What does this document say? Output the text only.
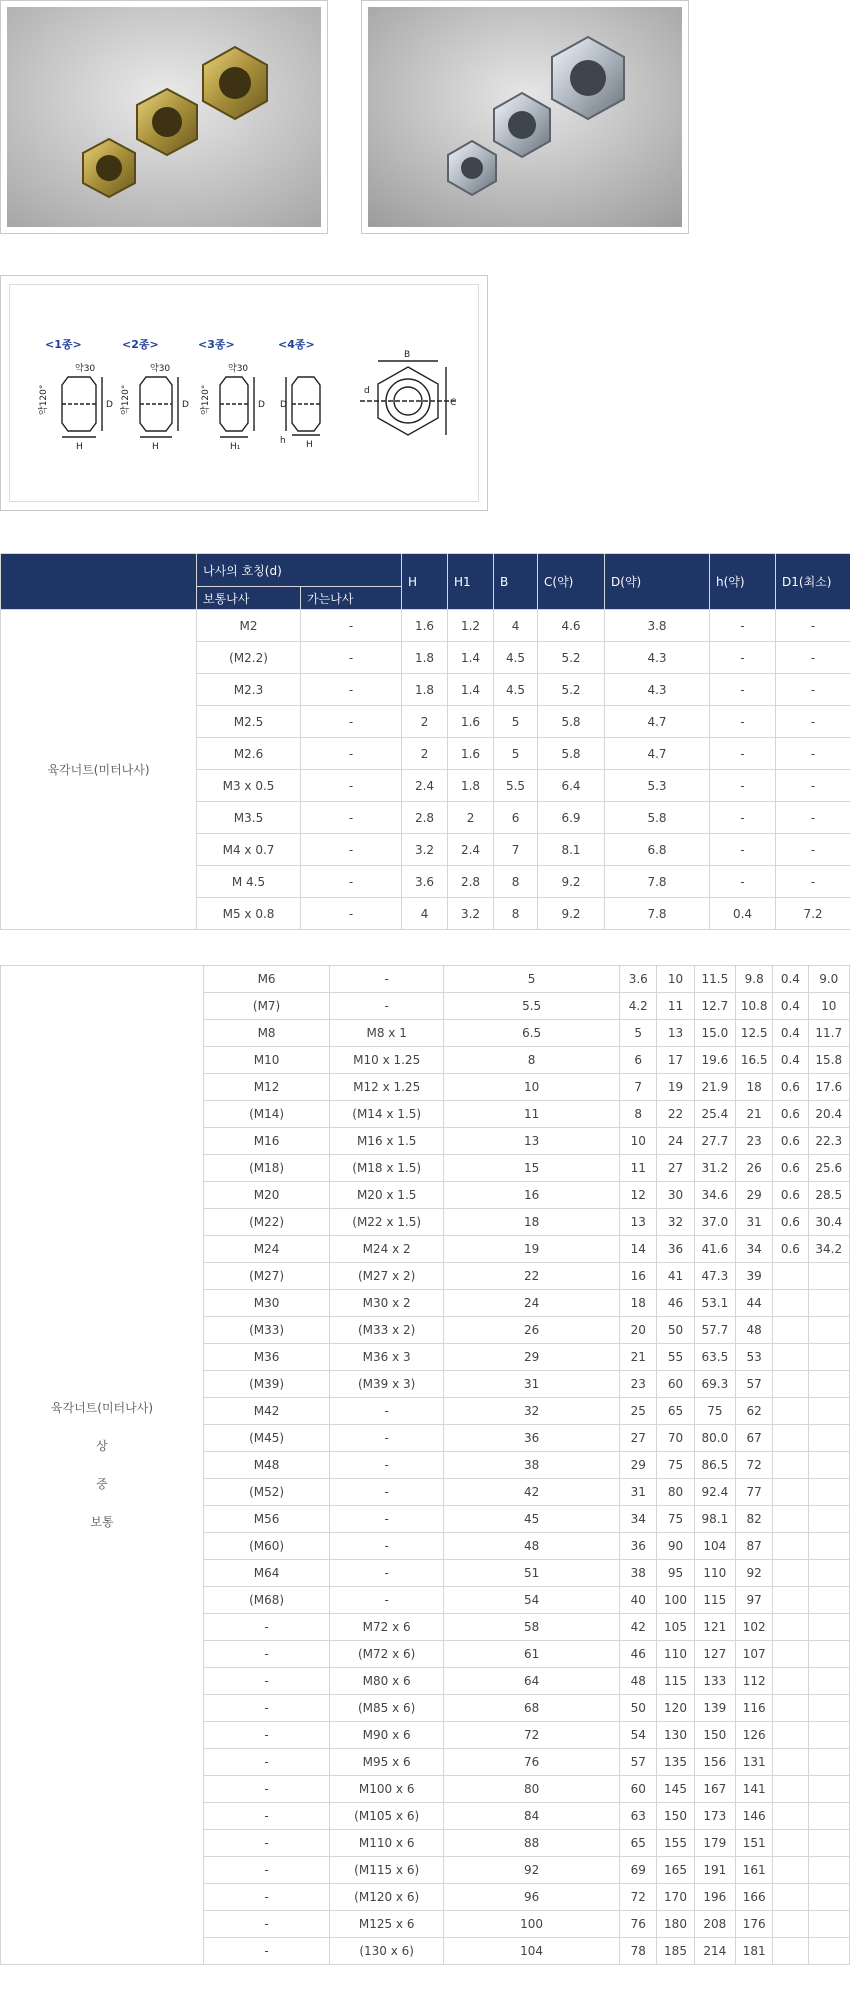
<1종>	<2종>	<3종>	<4종>
약30	약30	약30
약120°	약120°	약120°
H	H	H₁	H
h
D	D	D D
d
B
C
	나사의 호칭(d)		H	H1	B	C(약)	D(약)	h(약)	D1(최소)
	보통나사	가는나사							
육각너트(미터나사)	M2	-	1.6	1.2	4	4.6	3.8	-	-
	(M2.2)	-	1.8	1.4	4.5	5.2	4.3	-	-
	M2.3	-	1.8	1.4	4.5	5.2	4.3	-	-
	M2.5	-	2	1.6	5	5.8	4.7	-	-
	M2.6	-	2	1.6	5	5.8	4.7	-	-
	M3 x 0.5	-	2.4	1.8	5.5	6.4	5.3	-	-
	M3.5	-	2.8	2	6	6.9	5.8	-	-
	M4 x 0.7	-	3.2	2.4	7	8.1	6.8	-	-
	M 4.5	-	3.6	2.8	8	9.2	7.8	-	-
	M5 x 0.8	-	4	3.2	8	9.2	7.8	0.4	7.2
육각너트(미터나사)
상
중
보통	M6	-	5	3.6	10	11.5	9.8	0.4	9.0
	(M7)	-	5.5	4.2	11	12.7	10.8	0.4	10
	M8	M8 x 1	6.5	5	13	15.0	12.5	0.4	11.7
	M10	M10 x 1.25	8	6	17	19.6	16.5	0.4	15.8
	M12	M12 x 1.25	10	7	19	21.9	18	0.6	17.6
	(M14)	(M14 x 1.5)	11	8	22	25.4	21	0.6	20.4
	M16	M16 x 1.5	13	10	24	27.7	23	0.6	22.3
	(M18)	(M18 x 1.5)	15	11	27	31.2	26	0.6	25.6
	M20	M20 x 1.5	16	12	30	34.6	29	0.6	28.5
	(M22)	(M22 x 1.5)	18	13	32	37.0	31	0.6	30.4
	M24	M24 x 2	19	14	36	41.6	34	0.6	34.2
	(M27)	(M27 x 2)	22	16	41	47.3	39		
	M30	M30 x 2	24	18	46	53.1	44		
	(M33)	(M33 x 2)	26	20	50	57.7	48		
	M36	M36 x 3	29	21	55	63.5	53		
	(M39)	(M39 x 3)	31	23	60	69.3	57		
	M42	-	32	25	65	75	62		
	(M45)	-	36	27	70	80.0	67		
	M48	-	38	29	75	86.5	72		
	(M52)	-	42	31	80	92.4	77		
	M56	-	45	34	75	98.1	82		
	(M60)	-	48	36	90	104	87		
	M64	-	51	38	95	110	92		
	(M68)	-	54	40	100	115	97		
	-	M72 x 6	58	42	105	121	102		
	-	(M72 x 6)	61	46	110	127	107		
	-	M80 x 6	64	48	115	133	112		
	-	(M85 x 6)	68	50	120	139	116		
	-	M90 x 6	72	54	130	150	126		
	-	M95 x 6	76	57	135	156	131		
	-	M100 x 6	80	60	145	167	141		
	-	(M105 x 6)	84	63	150	173	146		
	-	M110 x 6	88	65	155	179	151		
	-	(M115 x 6)	92	69	165	191	161		
	-	(M120 x 6)	96	72	170	196	166		
	-	M125 x 6	100	76	180	208	176		
	-	(130 x 6)	104	78	185	214	181		
